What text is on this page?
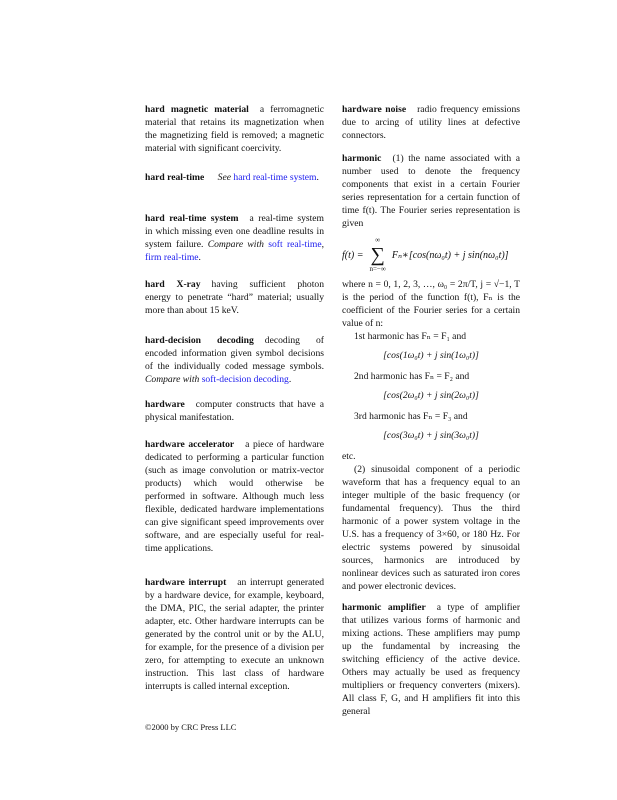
hard magnetic material a ferromagnetic material that retains its magnetization when the magnetizing field is removed; a magnetic material with significant coercivity.
hard real-time See hard real-time system.
hard real-time system a real-time system in which missing even one deadline results in system failure. Compare with soft real-time, firm real-time.
hard X-ray having sufficient photon energy to penetrate “hard” material; usually more than about 15 keV.
hard-decision decoding decoding of encoded information given symbol decisions of the individually coded message symbols. Compare with soft-decision decoding.
hardware computer constructs that have a physical manifestation.
hardware accelerator a piece of hardware dedicated to performing a particular function (such as image convolution or matrix-vector products) which would otherwise be performed in software. Although much less flexible, dedicated hardware implementations can give significant speed improvements over software, and are especially useful for real-time applications.
hardware interrupt an interrupt generated by a hardware device, for example, keyboard, the DMA, PIC, the serial adapter, the printer adapter, etc. Other hardware interrupts can be generated by the control unit or by the ALU, for example, for the presence of a division per zero, for attempting to execute an unknown instruction. This last class of hardware interrupts is called internal exception.
hardware noise radio frequency emissions due to arcing of utility lines at defective connectors.
harmonic (1) the name associated with a number used to denote the frequency components that exist in a certain Fourier series representation for a certain function of time f(t). The Fourier series representation is given
f(t) =
∞
∑
n=−∞
Fₙ∗[cos(nω₀t) + j sin(nω₀t)]
where n = 0, 1, 2, 3, …, ω₀ = 2π/T, j = √−1, T is the period of the function f(t), Fₙ is the coefficient of the Fourier series for a certain value of n:
1st harmonic has Fₙ = F₁ and
[cos(1ω₀t) + j sin(1ω₀t)]
2nd harmonic has Fₙ = F₂ and
[cos(2ω₀t) + j sin(2ω₀t)]
3rd harmonic has Fₙ = F₃ and
[cos(3ω₀t) + j sin(3ω₀t)]
etc.
(2) sinusoidal component of a periodic waveform that has a frequency equal to an integer multiple of the basic frequency (or fundamental frequency). Thus the third harmonic of a power system voltage in the U.S. has a frequency of 3×60, or 180 Hz. For electric systems powered by sinusoidal sources, harmonics are introduced by nonlinear devices such as saturated iron cores and power electronic devices.
harmonic amplifier a type of amplifier that utilizes various forms of harmonic and mixing actions. These amplifiers may pump up the fundamental by increasing the switching efficiency of the active device. Others may actually be used as frequency multipliers or frequency converters (mixers). All class F, G, and H amplifiers fit into this general
©2000 by CRC Press LLC
